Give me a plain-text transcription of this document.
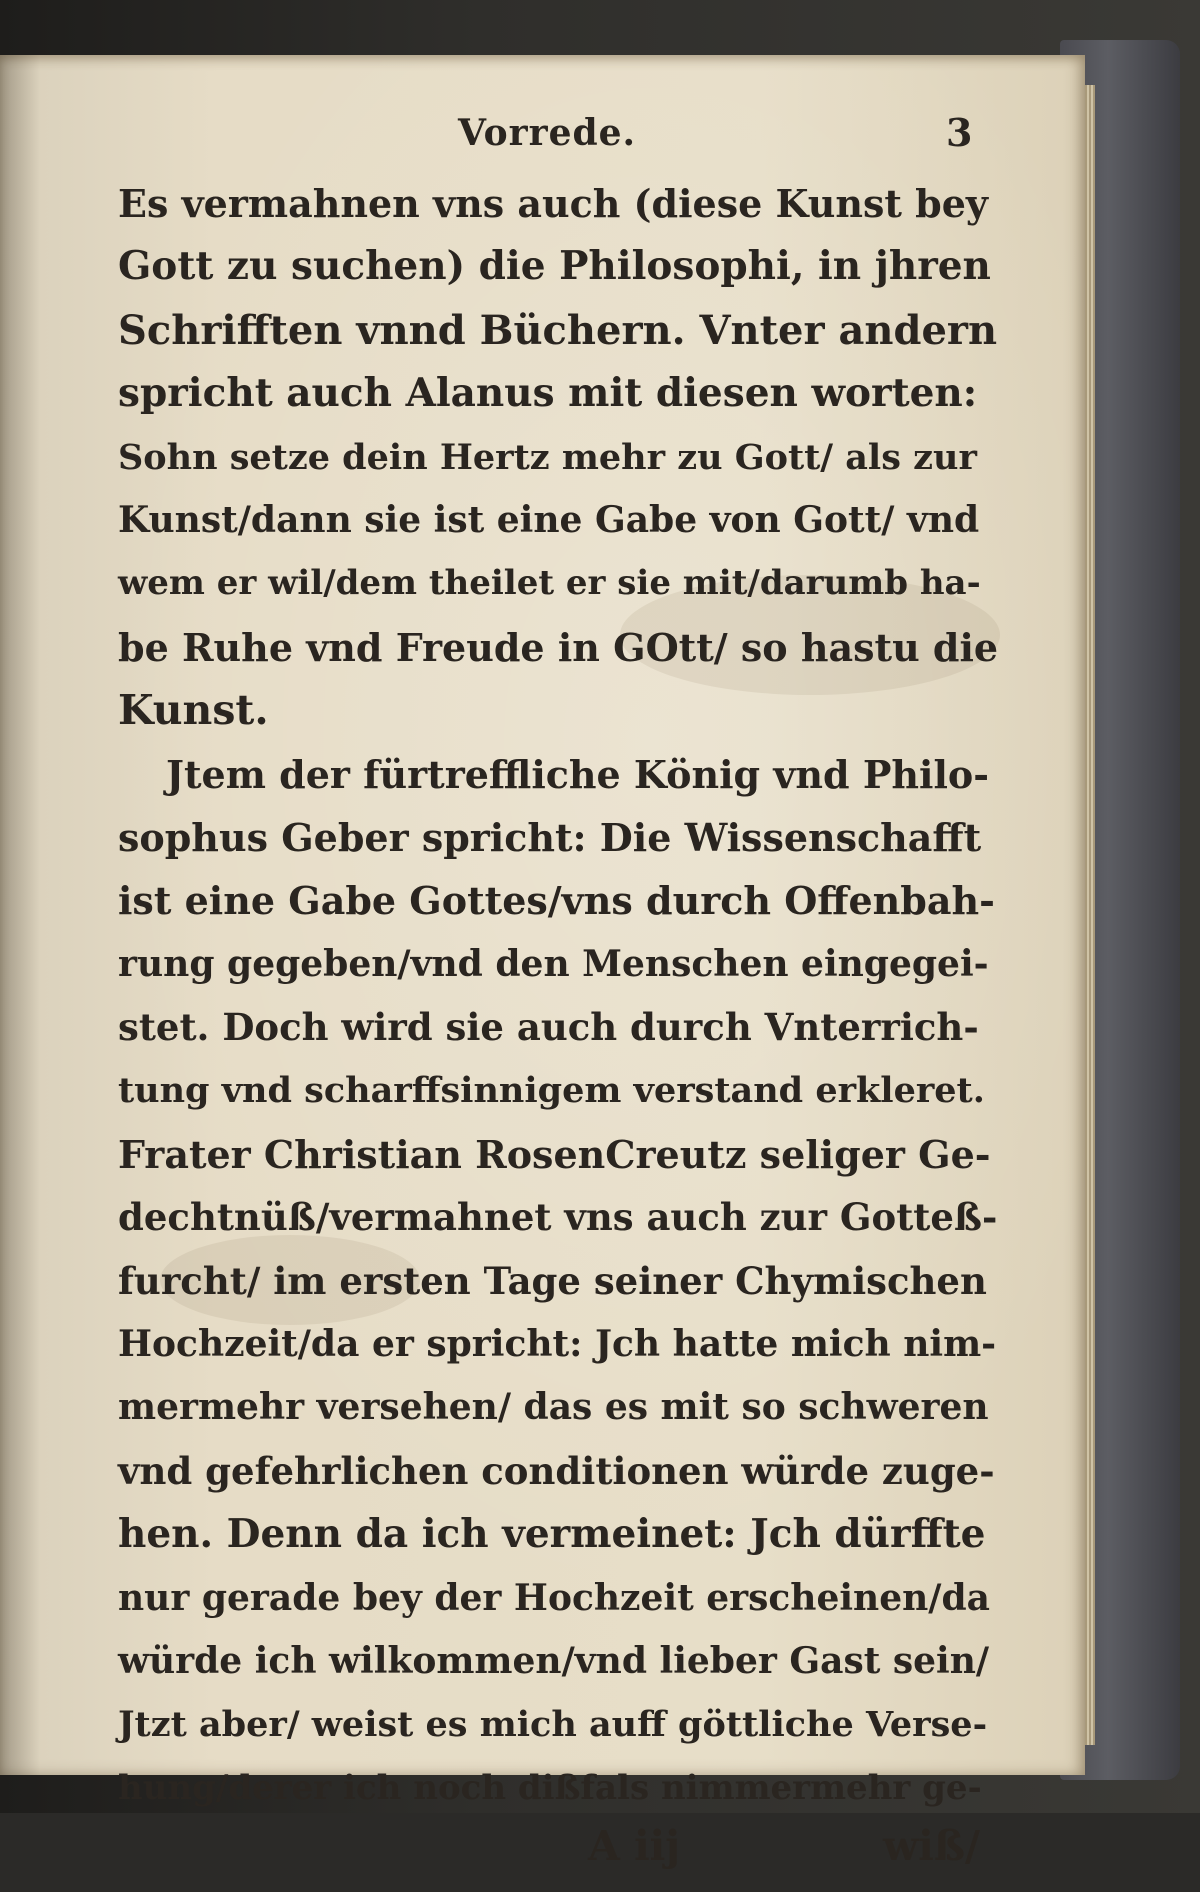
Vorrede.	3
Es vermahnen vns auch (diese Kunst bey
Gott zu suchen) die Philosophi, in jhren
Schrifften vnnd Büchern. Vnter andern
spricht auch Alanus mit diesen worten:
Sohn setze dein Hertz mehr zu Gott/ als zur
Kunst/dann sie ist eine Gabe von Gott/ vnd
wem er wil/dem theilet er sie mit/darumb ha-
be Ruhe vnd Freude in GOtt/ so hastu die
Kunst.
Jtem der fürtreffliche König vnd Philo-
sophus Geber spricht: Die Wissenschafft
ist eine Gabe Gottes/vns durch Offenbah-
rung gegeben/vnd den Menschen eingegei-
stet. Doch wird sie auch durch Vnterrich-
tung vnd scharffsinnigem verstand erkleret.
Frater Christian RosenCreutz seliger Ge-
dechtnüß/vermahnet vns auch zur Gotteß-
furcht/ im ersten Tage seiner Chymischen
Hochzeit/da er spricht: Jch hatte mich nim-
mermehr versehen/ das es mit so schweren
vnd gefehrlichen conditionen würde zuge-
hen. Denn da ich vermeinet: Jch dürffte
nur gerade bey der Hochzeit erscheinen/da
würde ich wilkommen/vnd lieber Gast sein/
Jtzt aber/ weist es mich auff göttliche Verse-
hung/derer ich noch dißfals nimmermehr ge-
A iij	wiß/
